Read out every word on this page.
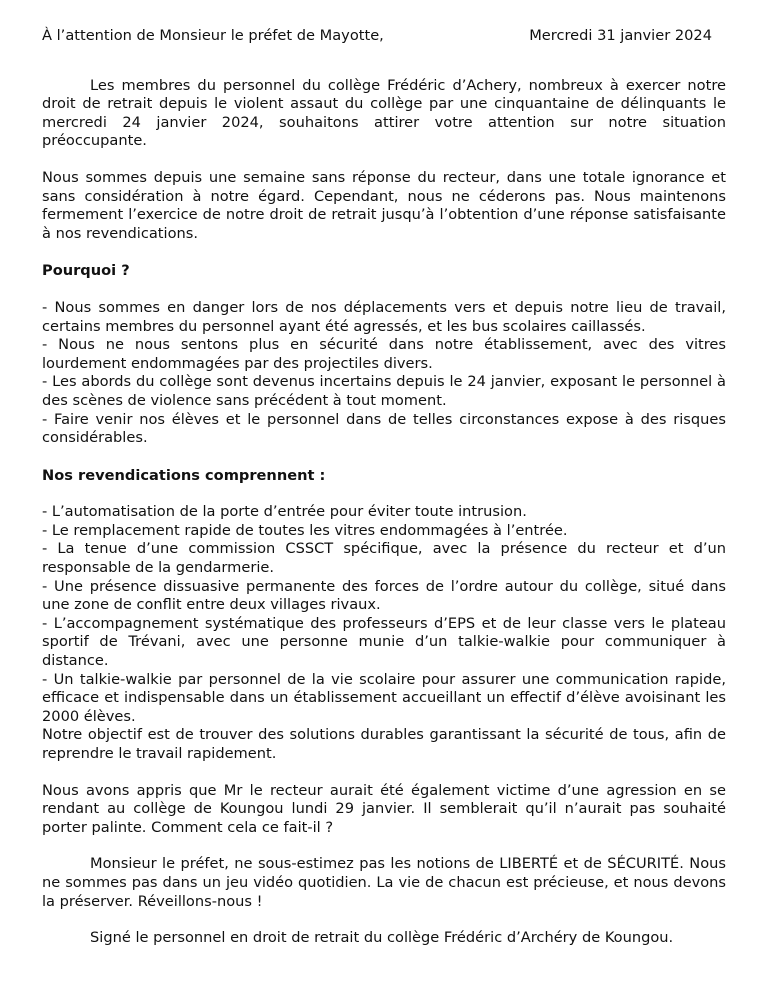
À l’attention de Monsieur le préfet de Mayotte,	Mercredi 31 janvier 2024

Les membres du personnel du collège Frédéric d’Achery, nombreux à exercer notre droit de retrait depuis le violent assaut du collège par une cinquantaine de délinquants le mercredi 24 janvier 2024, souhaitons attirer votre attention sur notre situation préoccupante.

Nous sommes depuis une semaine sans réponse du recteur, dans une totale ignorance et sans considération à notre égard. Cependant, nous ne céderons pas. Nous maintenons fermement l’exercice de notre droit de retrait jusqu’à l’obtention d’une réponse satisfaisante à nos revendications.

Pourquoi ?

- Nous sommes en danger lors de nos déplacements vers et depuis notre lieu de travail, certains membres du personnel ayant été agressés, et les bus scolaires caillassés.

- Nous ne nous sentons plus en sécurité dans notre établissement, avec des vitres lourdement endommagées par des projectiles divers.

- Les abords du collège sont devenus incertains depuis le 24 janvier, exposant le personnel à des scènes de violence sans précédent à tout moment.

- Faire venir nos élèves et le personnel dans de telles circonstances expose à des risques considérables.

Nos revendications comprennent :

- L’automatisation de la porte d’entrée pour éviter toute intrusion.

- Le remplacement rapide de toutes les vitres endommagées à l’entrée.

- La tenue d’une commission CSSCT spécifique, avec la présence du recteur et d’un responsable de la gendarmerie.

- Une présence dissuasive permanente des forces de l’ordre autour du collège, situé dans une zone de conflit entre deux villages rivaux.

- L’accompagnement systématique des professeurs d’EPS et de leur classe vers le plateau sportif de Trévani, avec une personne munie d’un talkie-walkie pour communiquer à distance.

- Un talkie-walkie par personnel de la vie scolaire pour assurer une communication rapide, efficace et indispensable dans un établissement accueillant un effectif d’élève avoisinant les 2000 élèves.

Notre objectif est de trouver des solutions durables garantissant la sécurité de tous, afin de reprendre le travail rapidement.

Nous avons appris que Mr le recteur aurait été également victime d’une agression en se rendant au collège de Koungou lundi 29 janvier. Il semblerait qu’il n’aurait pas souhaité porter palinte. Comment cela ce fait-il ?

Monsieur le préfet, ne sous-estimez pas les notions de LIBERTÉ et de SÉCURITÉ. Nous ne sommes pas dans un jeu vidéo quotidien. La vie de chacun est précieuse, et nous devons la préserver. Réveillons-nous !

Signé le personnel en droit de retrait du collège Frédéric d’Archéry de Koungou.
